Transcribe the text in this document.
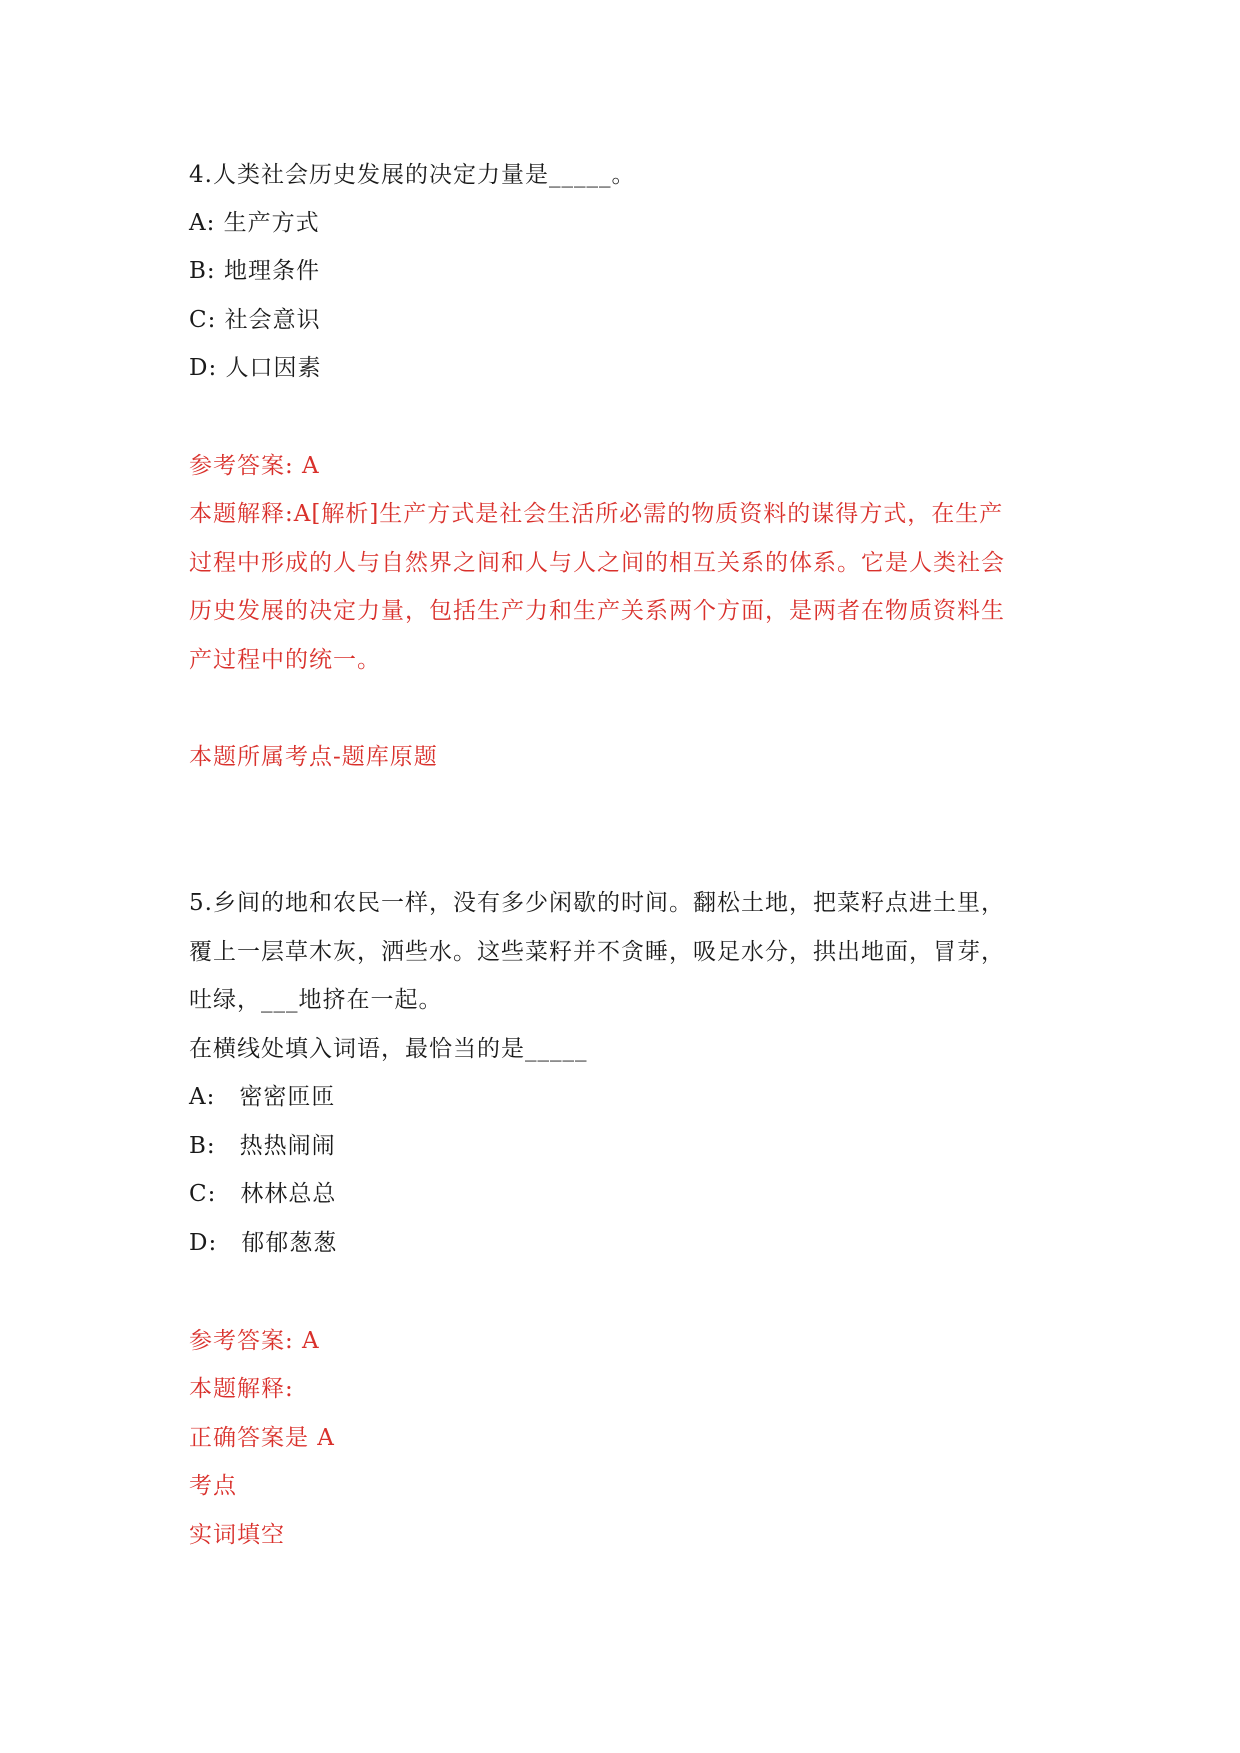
4.人类社会历史发展的决定力量是_____。
A: 生产方式
B: 地理条件
C: 社会意识
D: 人口因素
参考答案: A
本题解释:A[解析]生产方式是社会生活所必需的物质资料的谋得方式，在生产
过程中形成的人与自然界之间和人与人之间的相互关系的体系。它是人类社会
历史发展的决定力量，包括生产力和生产关系两个方面，是两者在物质资料生
产过程中的统一。
本题所属考点-题库原题
5.乡间的地和农民一样，没有多少闲歇的时间。翻松土地，把菜籽点进土里，
覆上一层草木灰，洒些水。这些菜籽并不贪睡，吸足水分，拱出地面，冒芽，
吐绿，___地挤在一起。
在横线处填入词语，最恰当的是_____
A:　密密匝匝
B:　热热闹闹
C:　林林总总
D:　郁郁葱葱
参考答案: A
本题解释:
正确答案是 A
考点
实词填空
